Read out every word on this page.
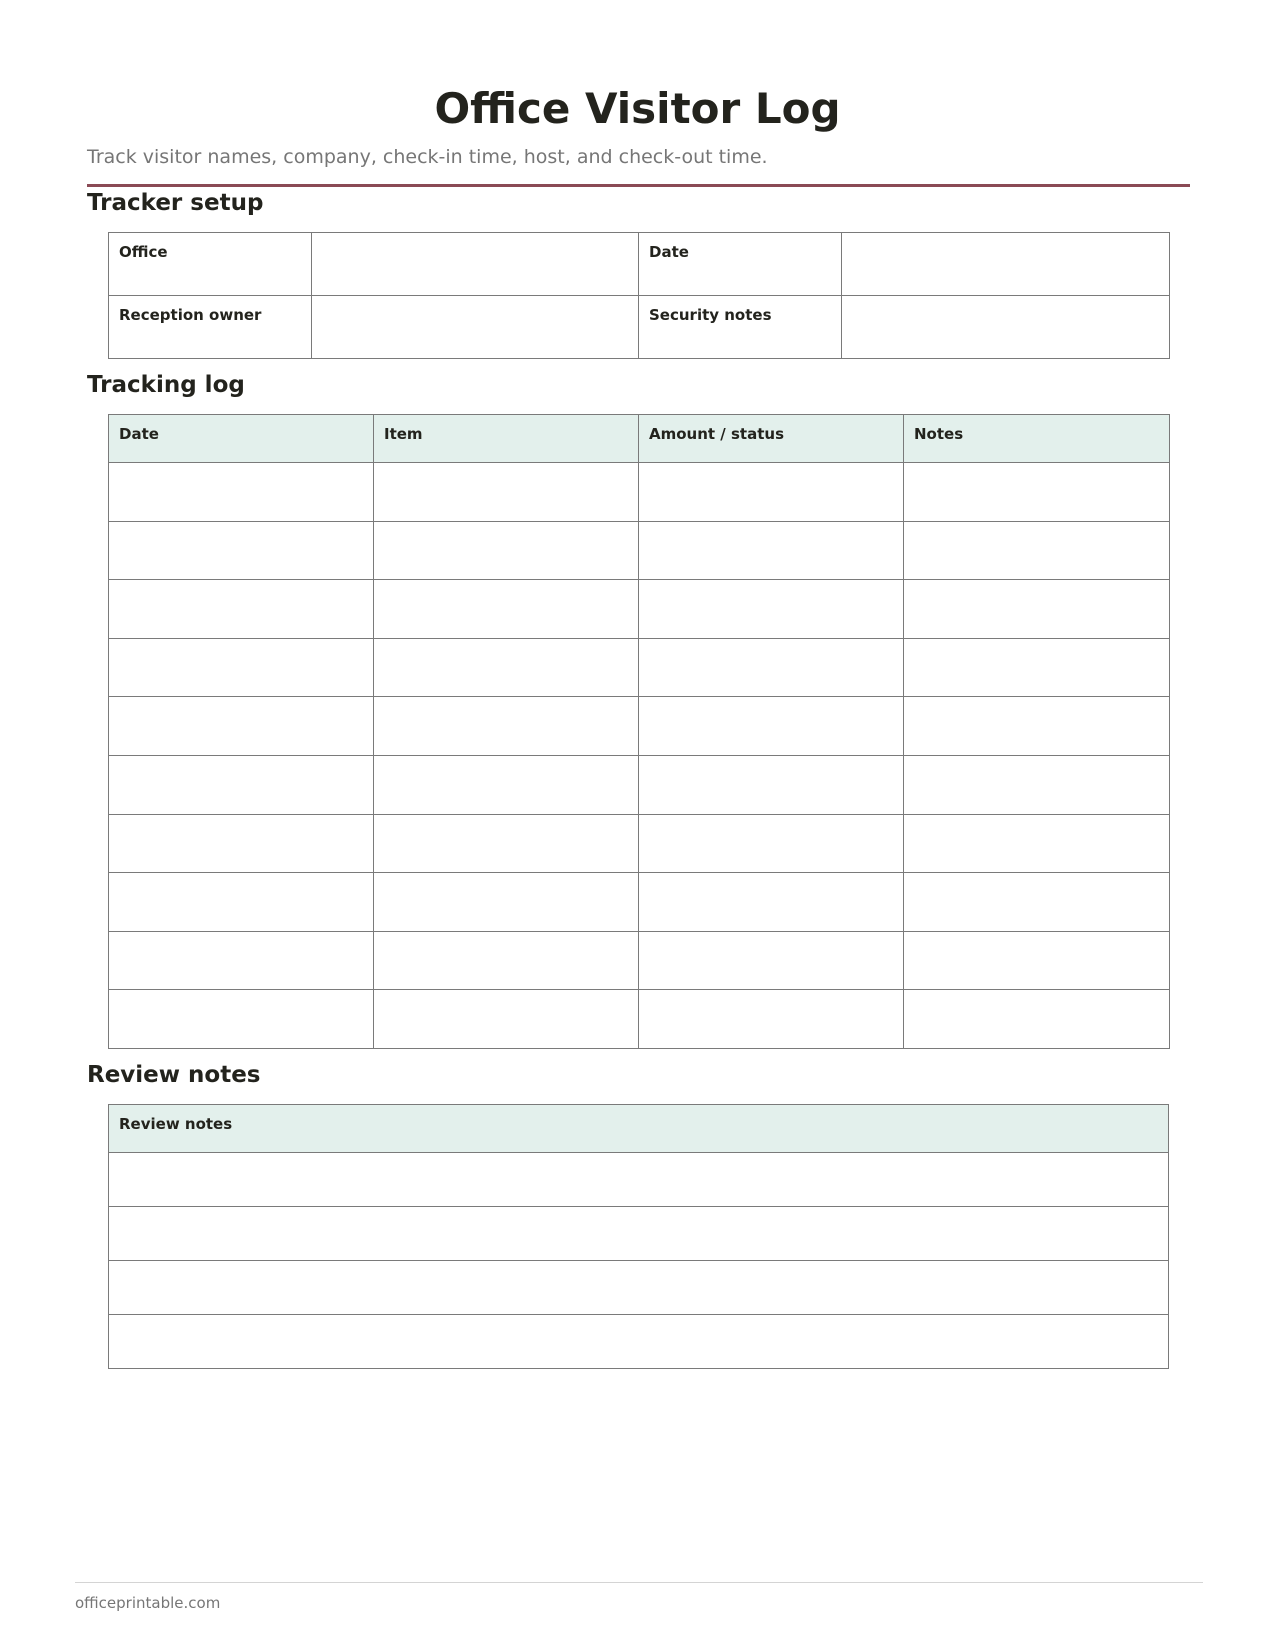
Office Visitor Log

Track visitor names, company, check-in time, host, and check-out time.

Tracker setup
Office		Date	

Reception owner		Security notes	

Tracking log
Date	Item	Amount / status	Notes

Review notes
Review notes

officeprintable.com
